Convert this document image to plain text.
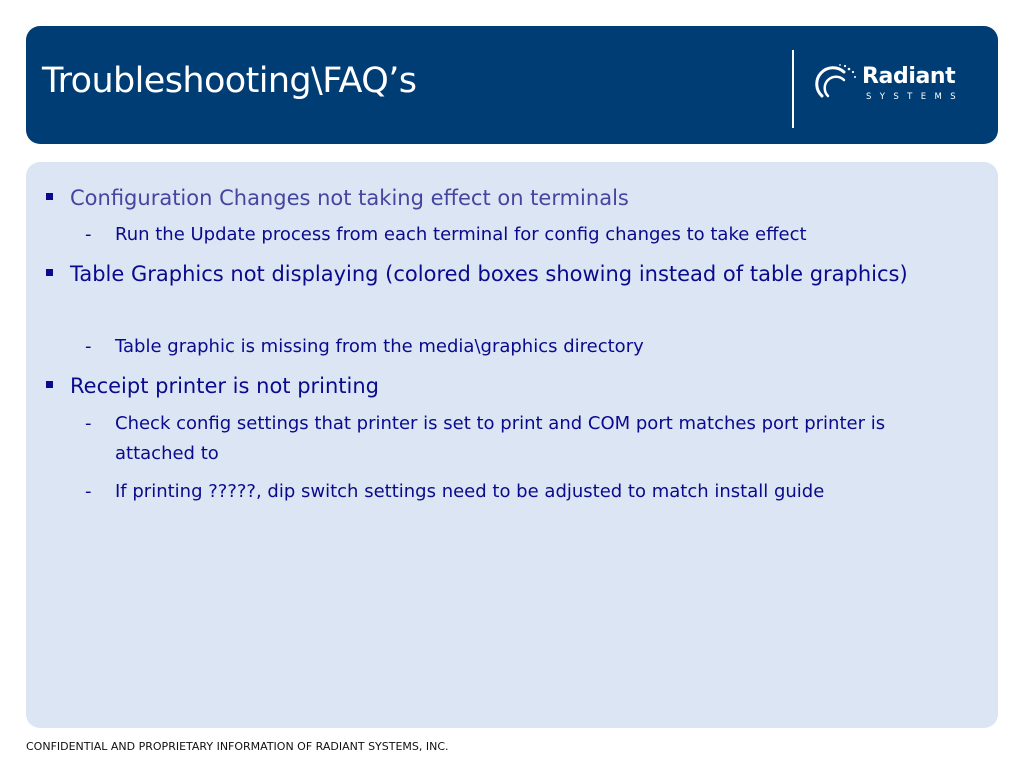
Troubleshooting\FAQ’s	Radiant
SYSTEMS
Configuration Changes not taking effect on terminals
- Run the Update process from each terminal for config changes to take effect
Table Graphics not displaying (colored boxes showing instead of table graphics)
- Table graphic is missing from the media\graphics directory
Receipt printer is not printing
- Check config settings that printer is set to print and COM port matches port printer is attached to
- If printing ?????, dip switch settings need to be adjusted to match install guide

CONFIDENTIAL AND PROPRIETARY INFORMATION OF RADIANT SYSTEMS, INC.
